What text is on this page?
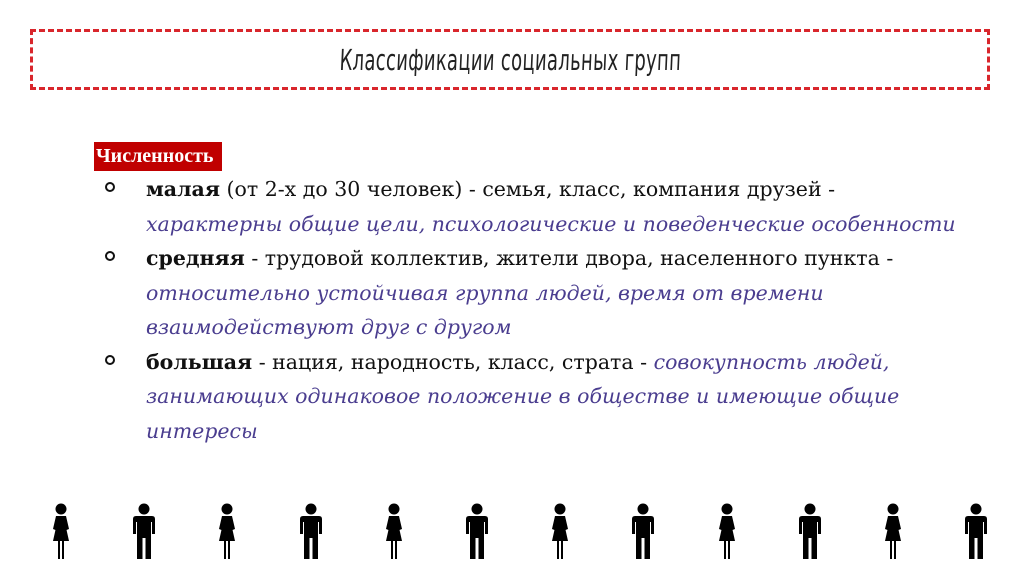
Классификации социальных групп
Численность
малая (от 2-х до 30 человек) - семья, класс, компания друзей - характерны общие цели, психологические и поведенческие особенности
средняя - трудовой коллектив, жители двора, населенного пункта - относительно устойчивая группа людей, время от времени взаимодействуют друг с другом
большая - нация, народность, класс, страта - совокупность людей, занимающих одинаковое положение в обществе и имеющие общие интересы
